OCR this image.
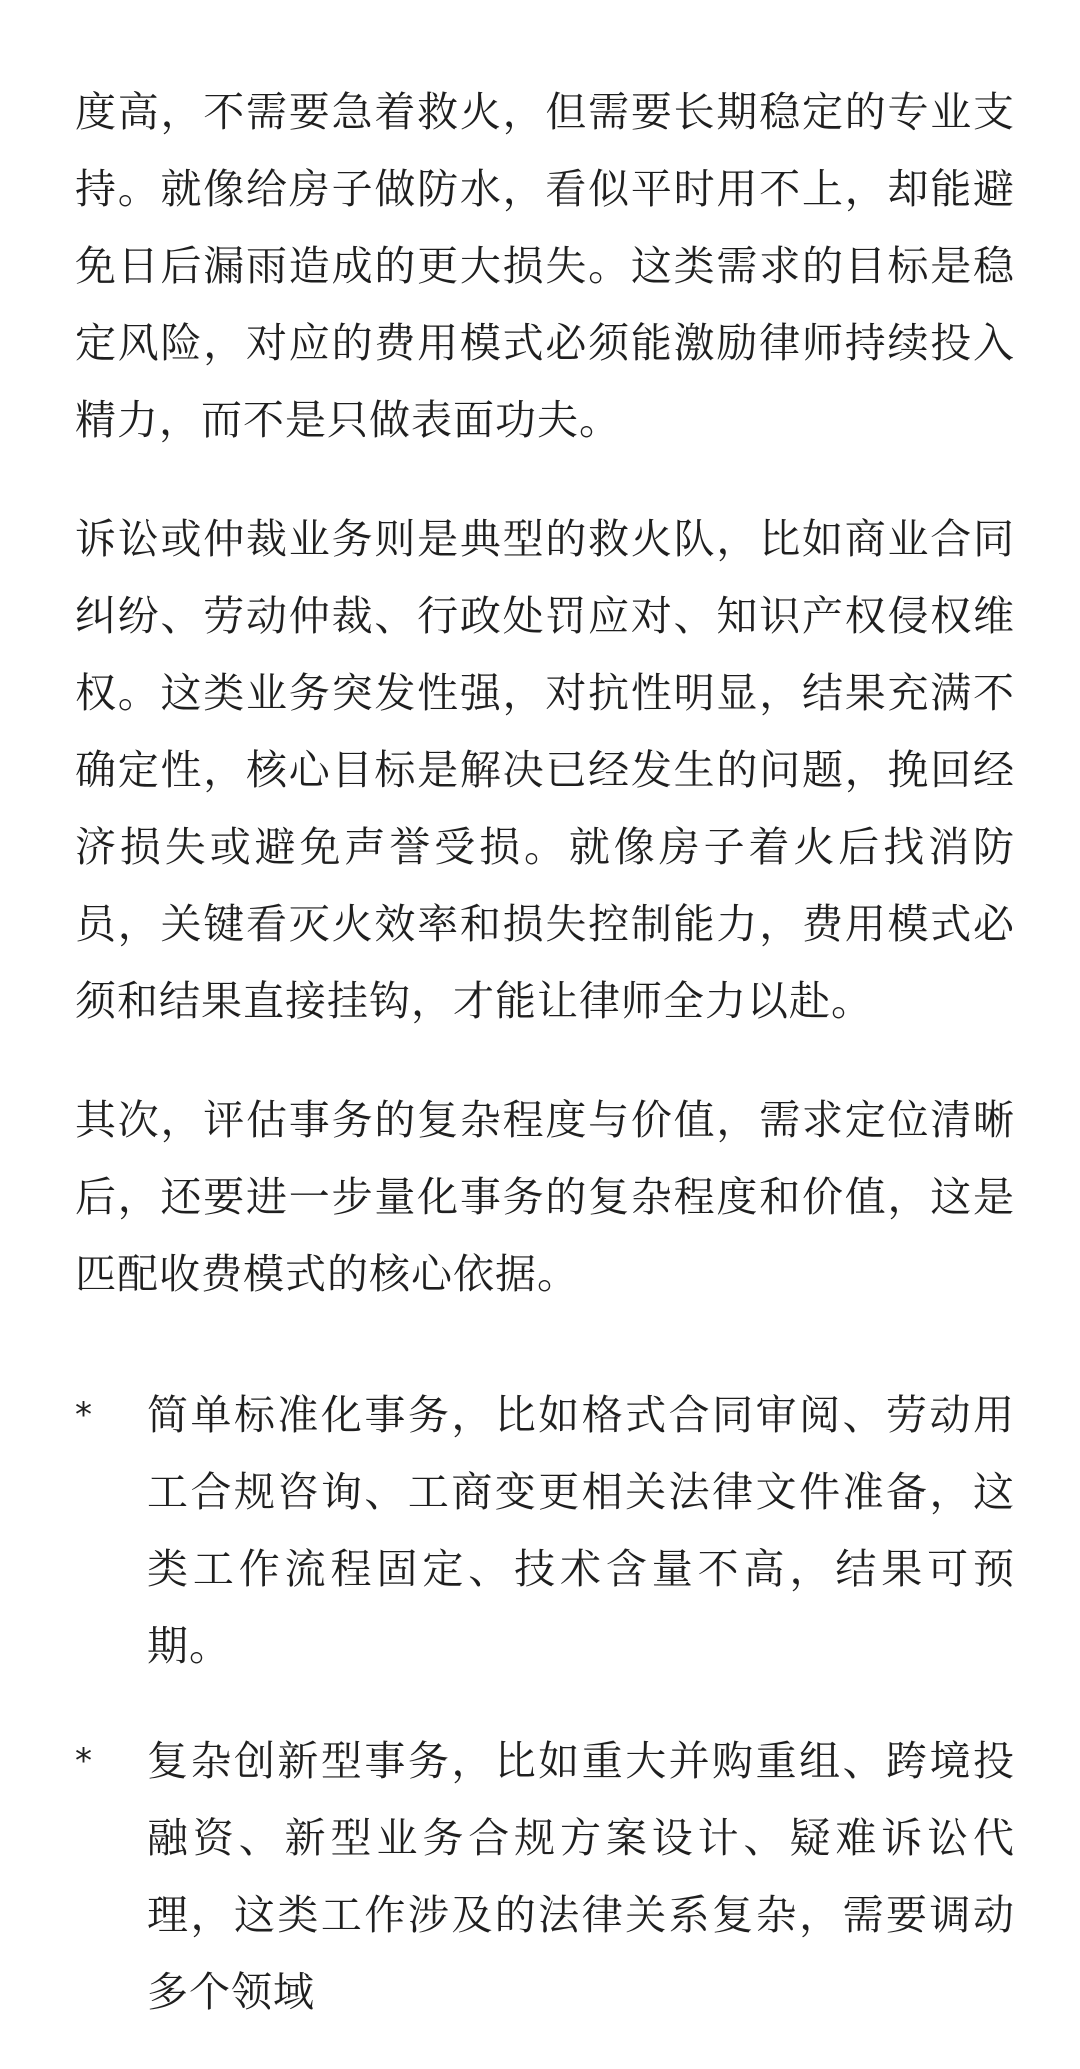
度高，不需要急着救火，但需要长期稳定的专业支持。就像给房子做防水，看似平时用不上，却能避免日后漏雨造成的更大损失。这类需求的目标是稳定风险，对应的费用模式必须能激励律师持续投入精力，而不是只做表面功夫。

诉讼或仲裁业务则是典型的救火队，比如商业合同纠纷、劳动仲裁、行政处罚应对、知识产权侵权维权。这类业务突发性强，对抗性明显，结果充满不确定性，核心目标是解决已经发生的问题，挽回经济损失或避免声誉受损。就像房子着火后找消防员，关键看灭火效率和损失控制能力，费用模式必须和结果直接挂钩，才能让律师全力以赴。

其次，评估事务的复杂程度与价值，需求定位清晰后，还要进一步量化事务的复杂程度和价值，这是匹配收费模式的核心依据。

* 简单标准化事务，比如格式合同审阅、劳动用工合规咨询、工商变更相关法律文件准备，这类工作流程固定、技术含量不高，结果可预期。

* 复杂创新型事务，比如重大并购重组、跨境投融资、新型业务合规方案设计、疑难诉讼代理，这类工作涉及的法律关系复杂，需要调动多个领域
